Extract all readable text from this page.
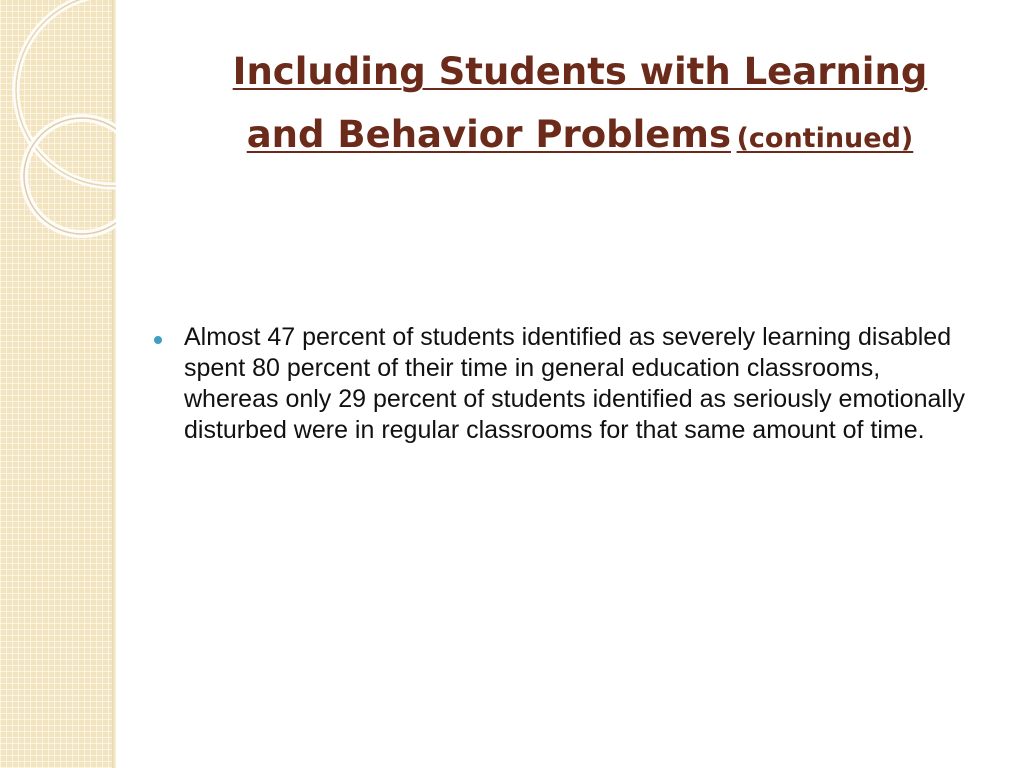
Including Students with Learning
and Behavior Problems (continued)
Almost 47 percent of students identified as severely learning disabled spent 80 percent of their time in general education classrooms, whereas only 29 percent of students identified as seriously emotionally disturbed were in regular classrooms for that same amount of time.
